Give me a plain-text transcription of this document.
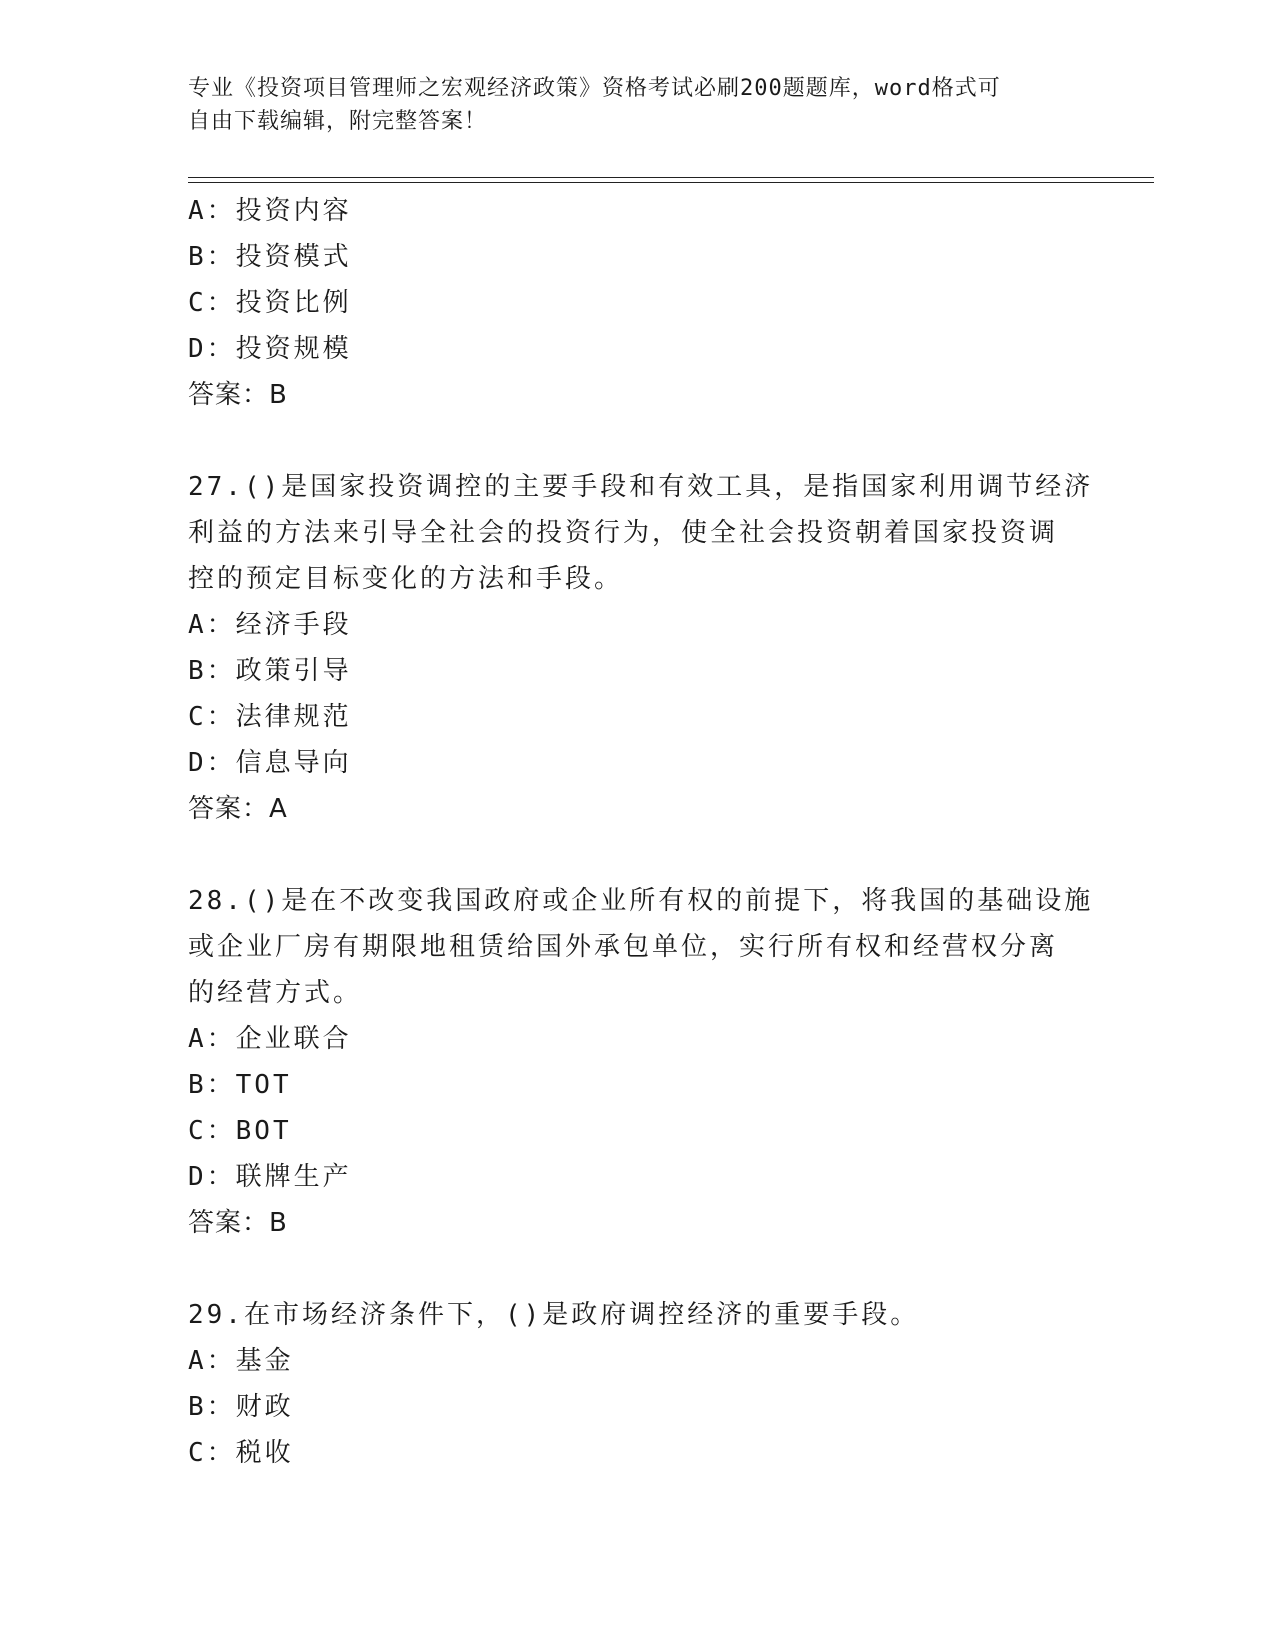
专业《投资项目管理师之宏观经济政策》资格考试必刷200题题库，word格式可
自由下载编辑，附完整答案！
A：投资内容
B：投资模式
C：投资比例
D：投资规模
答案：B
27.()是国家投资调控的主要手段和有效工具，是指国家利用调节经济
利益的方法来引导全社会的投资行为，使全社会投资朝着国家投资调
控的预定目标变化的方法和手段。
A：经济手段
B：政策引导
C：法律规范
D：信息导向
答案：A
28.()是在不改变我国政府或企业所有权的前提下，将我国的基础设施
或企业厂房有期限地租赁给国外承包单位，实行所有权和经营权分离
的经营方式。
A：企业联合
B：TOT
C：BOT
D：联牌生产
答案：B
29.在市场经济条件下，()是政府调控经济的重要手段。
A：基金
B：财政
C：税收
